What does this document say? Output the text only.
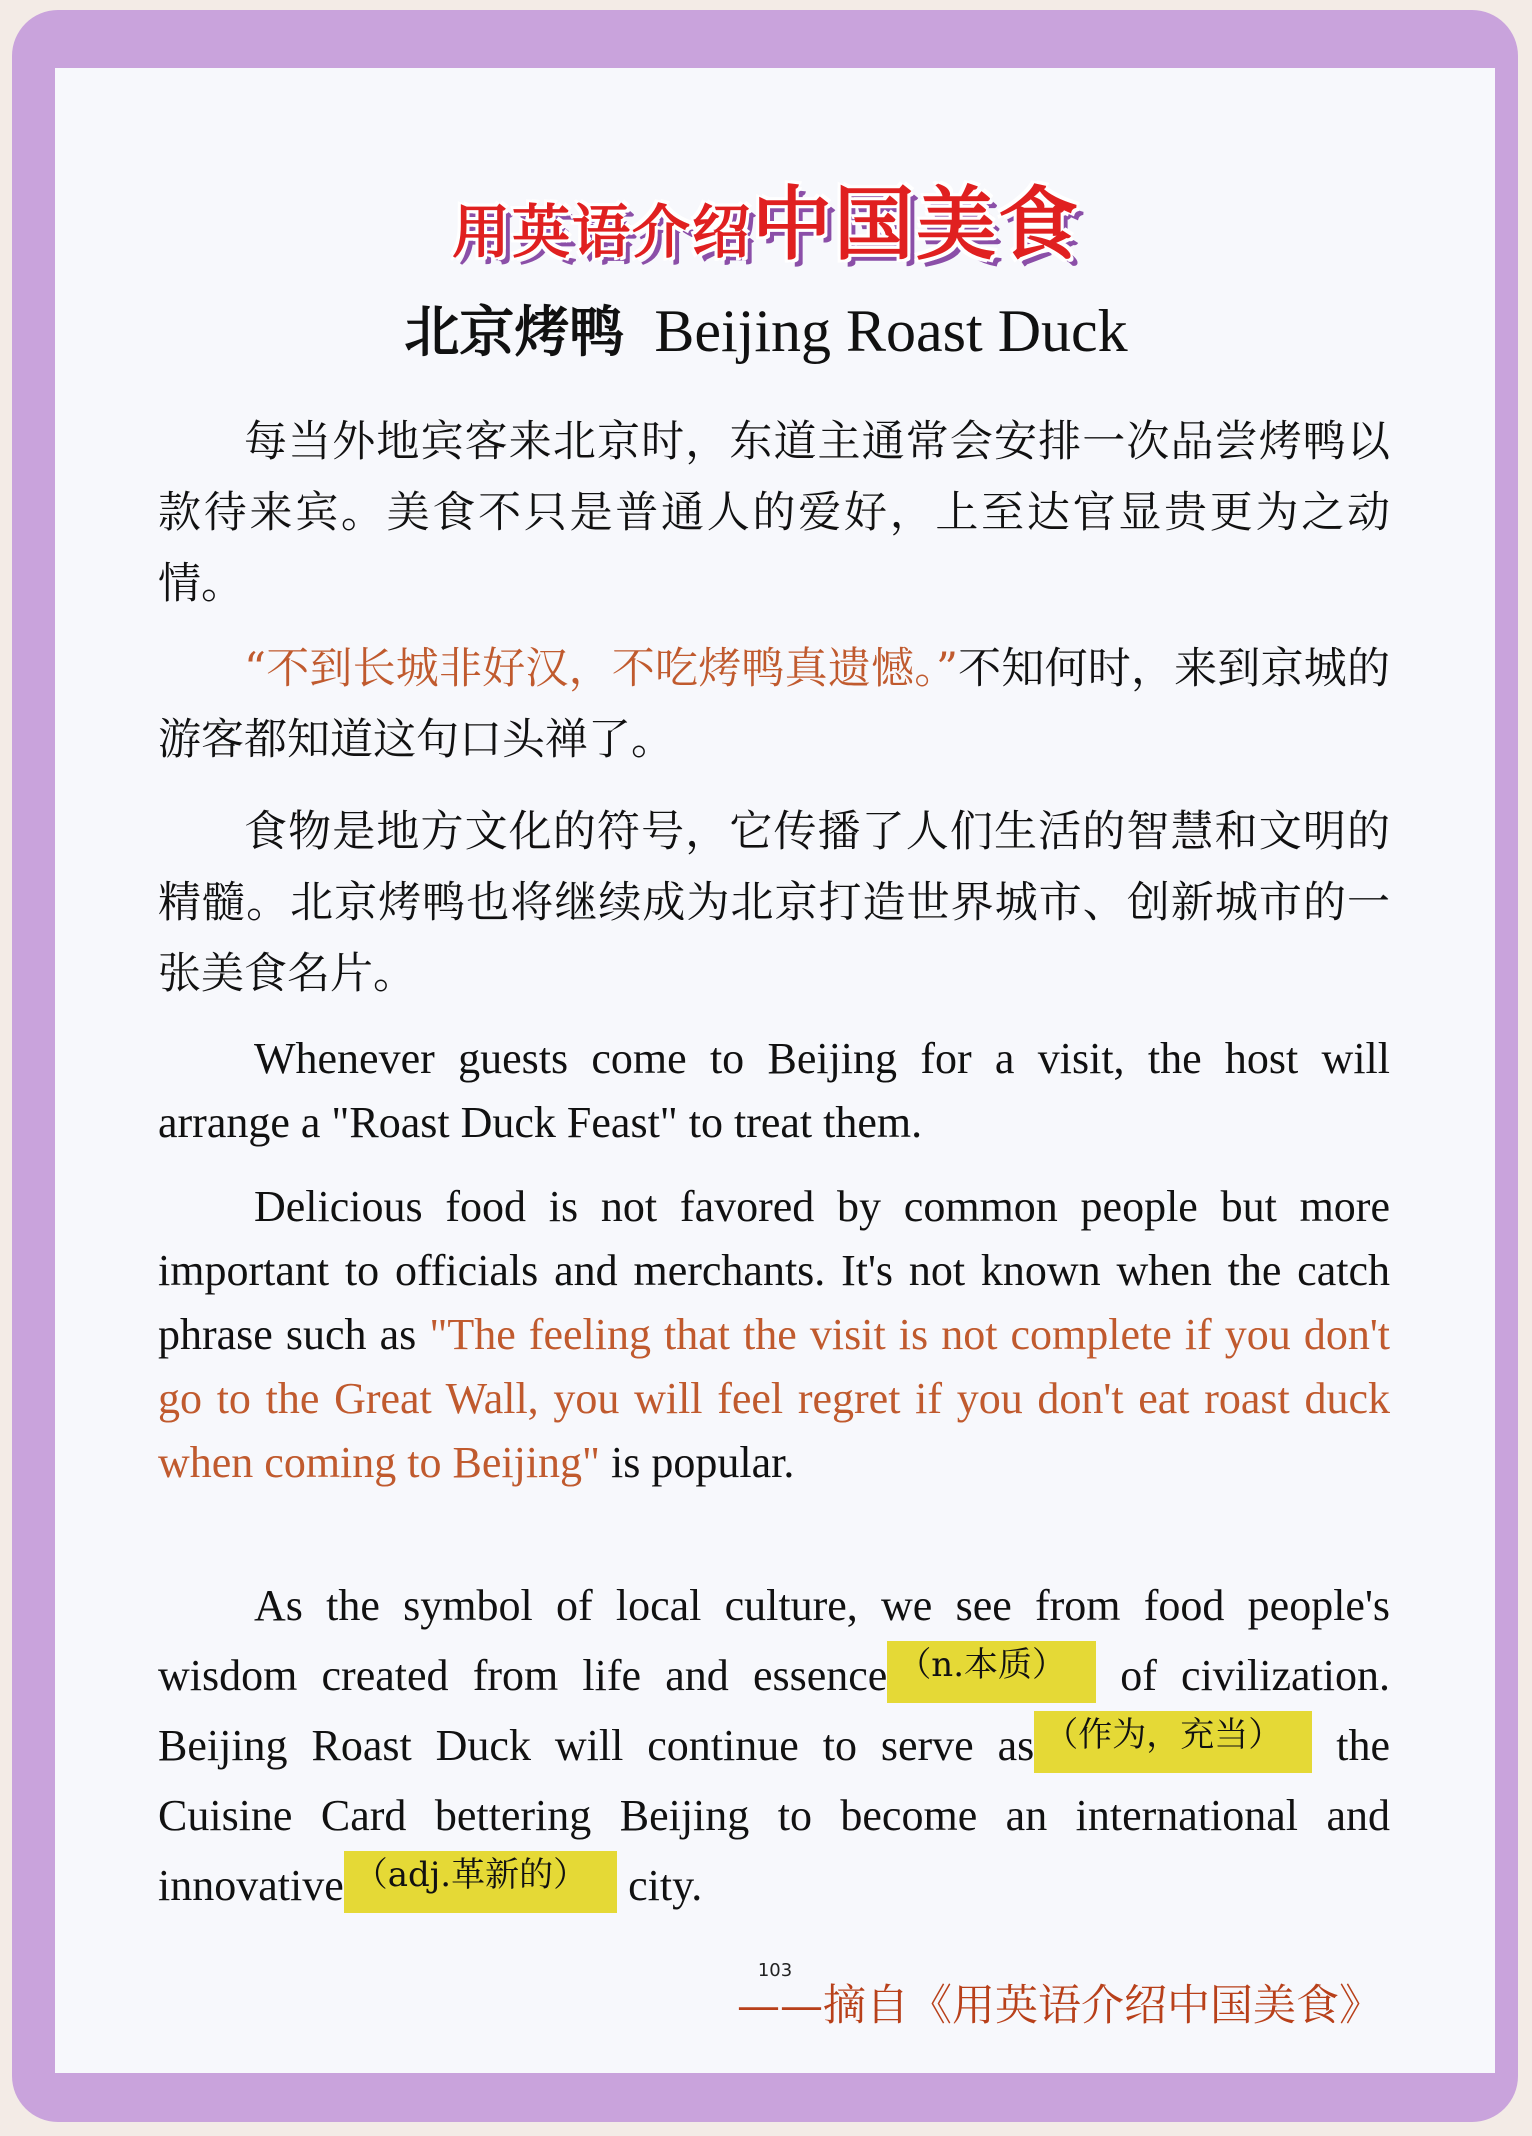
用英语介绍中国美食
北京烤鸭 Beijing Roast Duck

每当外地宾客来北京时，东道主通常会安排一次品尝烤鸭以款待来宾。美食不只是普通人的爱好，上至达官显贵更为之动情。

“不到长城非好汉，不吃烤鸭真遗憾。”不知何时，来到京城的游客都知道这句口头禅了。

食物是地方文化的符号，它传播了人们生活的智慧和文明的精髓。北京烤鸭也将继续成为北京打造世界城市、创新城市的一张美食名片。

Whenever guests come to Beijing for a visit, the host will arrange a "Roast Duck Feast" to treat them.

Delicious food is not favored by common people but more important to officials and merchants. It's not known when the catch phrase such as "The feeling that the visit is not complete if you don't go to the Great Wall, you will feel regret if you don't eat roast duck when coming to Beijing" is popular.

As the symbol of local culture, we see from food people's wisdom created from life and essence （n.本质） of civilization. Beijing Roast Duck will continue to serve as （作为，充当） the Cuisine Card bettering Beijing to become an international and innovative （adj.革新的） city.

103
——摘自《用英语介绍中国美食》
